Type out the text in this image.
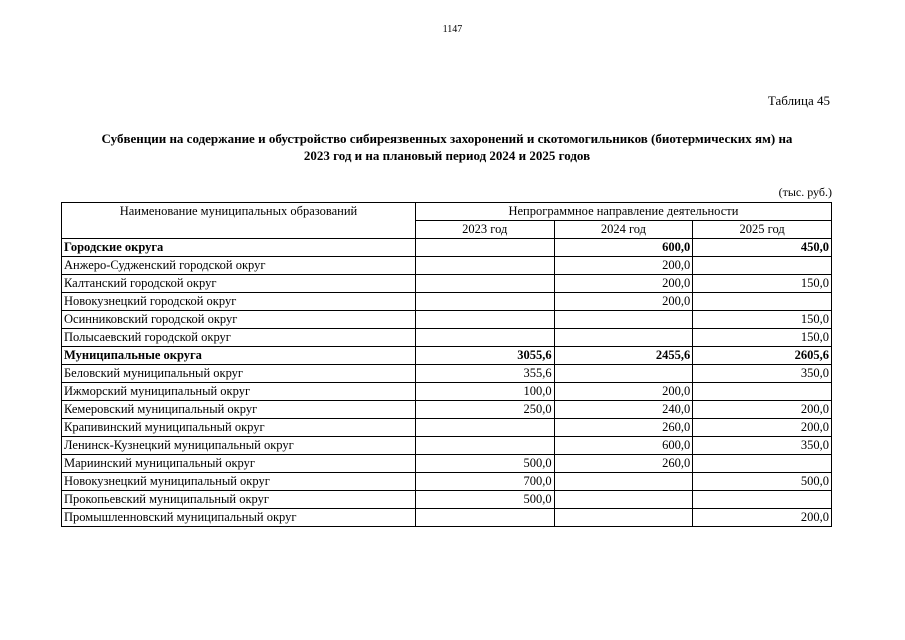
1147
Таблица 45
Субвенции на содержание и обустройство сибиреязвенных захоронений и скотомогильников (биотермических ям) на
2023 год и на плановый период 2024 и 2025 годов
(тыс. руб.)
Наименование муниципальных образований	Непрограммное направление деятельности		
	2023 год	2024 год	2025 год
Городские округа		600,0	450,0
Анжеро-Судженский городской округ		200,0	
Калтанский городской округ		200,0	150,0
Новокузнецкий городской округ		200,0	
Осинниковский городской округ			150,0
Полысаевский городской округ			150,0
Муниципальные округа	3055,6	2455,6	2605,6
Беловский муниципальный округ	355,6		350,0
Ижморский муниципальный округ	100,0	200,0	
Кемеровский муниципальный округ	250,0	240,0	200,0
Крапивинский муниципальный округ		260,0	200,0
Ленинск-Кузнецкий муниципальный округ		600,0	350,0
Мариинский муниципальный округ	500,0	260,0	
Новокузнецкий муниципальный округ	700,0		500,0
Прокопьевский муниципальный округ	500,0		
Промышленновский муниципальный округ			200,0
